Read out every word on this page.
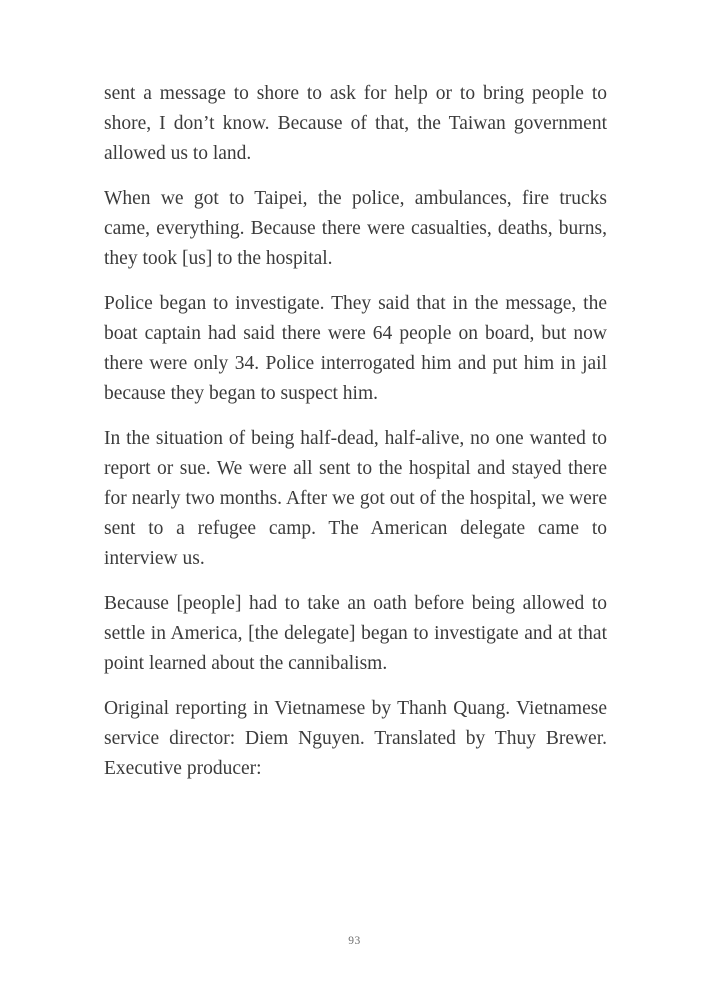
sent a message to shore to ask for help or to bring people to shore, I don’t know. Because of that, the Taiwan government allowed us to land.

When we got to Taipei, the police, ambulances, fire trucks came, everything. Because there were casualties, deaths, burns, they took [us] to the hospital.

Police began to investigate. They said that in the message, the boat captain had said there were 64 people on board, but now there were only 34. Police interrogated him and put him in jail because they began to suspect him.

In the situation of being half-dead, half-alive, no one wanted to report or sue. We were all sent to the hospital and stayed there for nearly two months. After we got out of the hospital, we were sent to a refugee camp. The American delegate came to interview us.

Because [people] had to take an oath before being allowed to settle in America, [the delegate] began to investigate and at that point learned about the cannibalism.

Original reporting in Vietnamese by Thanh Quang. Vietnamese service director: Diem Nguyen. Translated by Thuy Brewer. Executive producer:

93
